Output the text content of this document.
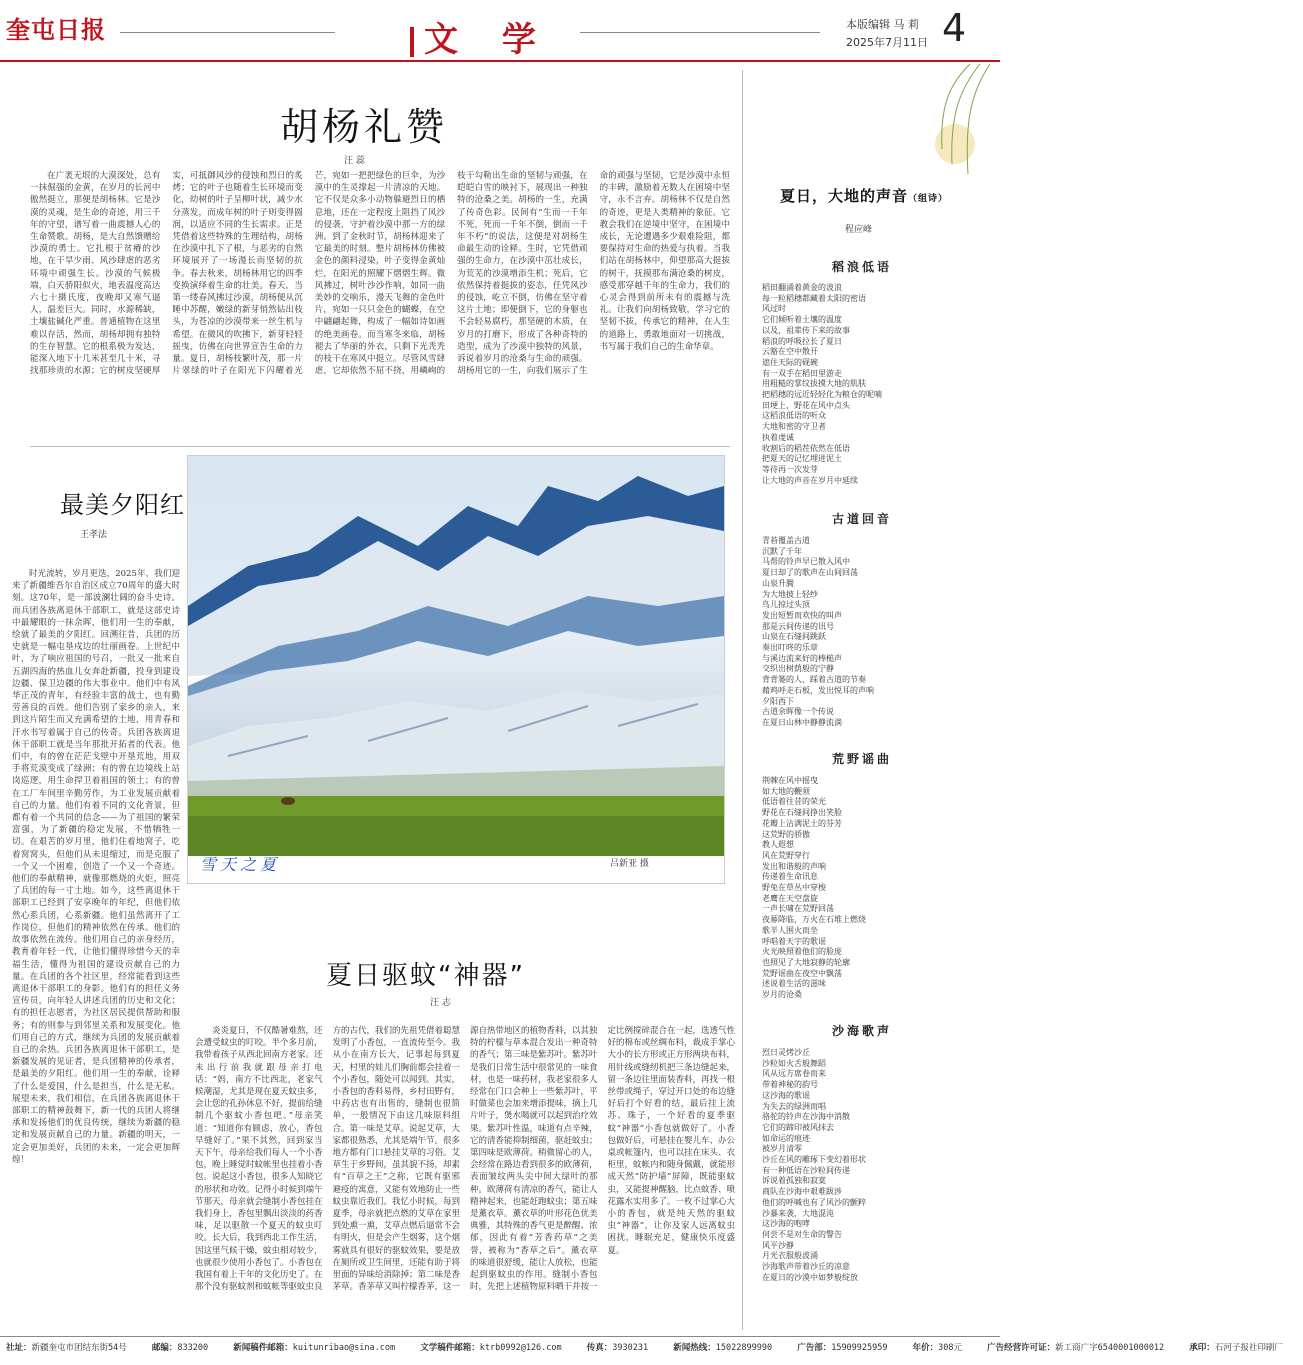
奎屯日报	文 学	本版编辑 马 莉
2025年7月11日 4
胡杨礼赞
汪 蕊

在广袤无垠的大漠深处，总有一抹倔强的金黄，在岁月的长河中傲然挺立，那便是胡杨林。它是沙漠的灵魂，是生命的奇迹，用三千年的守望，谱写着一曲震撼人心的生命赞歌。胡杨，是大自然馈赠给沙漠的勇士。它扎根于贫瘠的沙地，在干旱少雨、风沙肆虐的恶劣环境中顽强生长。沙漠的气候极端，白天骄阳似火，地表温度高达六七十摄氏度，夜晚却又寒气逼人，温差巨大。同时，水源稀缺，土壤盐碱化严重。普通植物在这里难以存活，然而，胡杨却拥有独特的生存智慧。它的根系极为发达，能深入地下十几米甚至几十米，寻找那珍贵的水源；它的树皮坚硬厚实，可抵御风沙的侵蚀和烈日的炙烤；它的叶子也随着生长环境而变化，幼树的叶子呈柳叶状，减少水分蒸发，而成年树的叶子则变得圆润，以适应不同的生长需求。正是凭借着这些特殊的生理结构，胡杨在沙漠中扎下了根，与恶劣的自然环境展开了一场漫长而坚韧的抗争。春去秋来，胡杨林用它的四季变换演绎着生命的壮美。春天，当第一缕春风拂过沙漠，胡杨便从沉睡中苏醒，嫩绿的新芽悄然钻出枝头，为苍凉的沙漠带来一丝生机与希望。在微风的吹拂下，新芽轻轻摇曳，仿佛在向世界宣告生命的力量。夏日，胡杨枝繁叶茂，那一片片翠绿的叶子在阳光下闪耀着光芒，宛如一把把绿色的巨伞，为沙漠中的生灵撑起一片清凉的天地。它不仅是众多小动物躲避烈日的栖息地，还在一定程度上阻挡了风沙的侵袭，守护着沙漠中那一方的绿洲。到了金秋时节，胡杨林迎来了它最美的时刻。整片胡杨林仿佛被金色的颜料浸染，叶子变得金黄灿烂，在阳光的照耀下熠熠生辉。微风拂过，树叶沙沙作响，如同一曲美妙的交响乐，漫天飞舞的金色叶片，宛如一只只金色的蝴蝶，在空中翩翩起舞，构成了一幅如诗如画的绝美画卷。而当寒冬来临，胡杨褪去了华丽的外衣，只剩下光秃秃的枝干在寒风中挺立。尽管风雪肆虐，它却依然不屈不挠，用嶙峋的枝干勾勒出生命的坚韧与顽强，在皑皑白雪的映衬下，展现出一种独特的沧桑之美。胡杨的一生，充满了传奇色彩。民间有“生而一千年不死，死而一千年不倒，倒而一千年不朽”的说法，这便是对胡杨生命最生动的诠释。生时，它凭借顽强的生命力，在沙漠中茁壮成长，为荒芜的沙漠增添生机；死后，它依然保持着挺拔的姿态，任凭风沙的侵蚀，屹立不倒，仿佛在坚守着这片土地；即便倒下，它的身躯也不会轻易腐朽，那坚硬的木质，在岁月的打磨下，形成了各种奇特的造型，成为了沙漠中独特的风景，诉说着岁月的沧桑与生命的顽强。胡杨用它的一生，向我们展示了生命的顽强与坚韧，它是沙漠中永恒的丰碑，激励着无数人在困境中坚守，永不言弃。胡杨林不仅是自然的奇迹，更是人类精神的象征。它教会我们在逆境中坚守，在困境中成长，无论遭遇多少艰难险阻，都要保持对生命的热爱与执着。当我们站在胡杨林中，仰望那高大挺拔的树干，抚摸那布满沧桑的树皮，感受那穿越千年的生命力，我们的心灵会得到前所未有的震撼与洗礼。让我们向胡杨致敬，学习它的坚韧不拔，传承它的精神，在人生的道路上，勇敢地面对一切挑战，书写属于我们自己的生命华章。

最美夕阳红
王孝法

时光流转，岁月更迭，2025年，我们迎来了新疆维吾尔自治区成立70周年的盛大时刻。这70年，是一部波澜壮阔的奋斗史诗。而兵团各族离退休干部职工，就是这部史诗中最耀眼的一抹余晖，他们用一生的奉献，绘就了最美的夕阳红。回溯往昔，兵团的历史就是一幅屯垦戍边的壮丽画卷。上世纪中叶，为了响应祖国的号召，一批又一批来自五湖四海的热血儿女奔赴新疆，投身到建设边疆、保卫边疆的伟大事业中。他们中有风华正茂的青年，有经验丰富的战士，也有勤劳善良的百姓。他们告别了家乡的亲人，来到这片陌生而又充满希望的土地，用青春和汗水书写着属于自己的传奇。兵团各族离退休干部职工就是当年那批开拓者的代表。他们中，有的曾在茫茫戈壁中开垦荒地，用双手将荒漠变成了绿洲；有的曾在边境线上站岗巡逻，用生命捍卫着祖国的领土；有的曾在工厂车间里辛勤劳作，为工业发展贡献着自己的力量。他们有着不同的文化背景，但都有着一个共同的信念——为了祖国的繁荣富强，为了新疆的稳定发展，不惜牺牲一切。在艰苦的岁月里，他们住着地窝子，吃着窝窝头，但他们从未退缩过，而是克服了一个又一个困难，创造了一个又一个奇迹。他们的奉献精神，就像那燃烧的火炬，照亮了兵团的每一寸土地。如今，这些离退休干部职工已经到了安享晚年的年纪，但他们依然心系兵团，心系新疆。他们虽然离开了工作岗位，但他们的精神依然在传承。他们的故事依然在流传。他们用自己的亲身经历，教育着年轻一代，让他们懂得珍惜今天的幸福生活，懂得为祖国的建设贡献自己的力量。在兵团的各个社区里，经常能看到这些离退休干部职工的身影。他们有的担任义务宣传员，向年轻人讲述兵团的历史和文化；有的担任志愿者，为社区居民提供帮助和服务；有的则参与到邻里关系和发展变化。他们用自己的方式，继续为兵团的发展贡献着自己的余热。兵团各族离退休干部职工，是新疆发展的见证者，是兵团精神的传承者，是最美的夕阳红。他们用一生的奉献，诠释了什么是爱国，什么是担当，什么是无私。展望未来，我们相信，在兵团各族离退休干部职工的精神鼓舞下，新一代的兵团人将继承和发扬他们的优良传统，继续为新疆的稳定和发展贡献自己的力量。新疆的明天，一定会更加美好，兵团的未来，一定会更加辉煌！

雪天之夏	吕新亚 摄
夏日驱蚊“神器”
汪 志

炎炎夏日，不仅酷暑难熬，还会遭受蚊虫的叮咬。半个多月前，我带着孩子从西北回南方老家。还未出行前我就跟母亲打电话：“妈，南方不比西北，老家气候潮湿，尤其是现在夏天蚊虫多，会让您的孔孙休息不好，提前给缝制几个驱蚊小香包吧。”母亲笑道：“知道你有顾虑，放心，香包早缝好了。”果不其然，回到家当天下午，母亲给我们每人一个小香包，晚上睡觉时蚊帐里也挂着小香包。说起这小香包，很多人知晓它的形状和功效。记得小时候到端午节那天，母亲就会缝制小香包挂在我们身上，香包里飘出淡淡的药香味，足以驱散一个夏天的蚊虫叮咬。长大后，我到西北工作生活，因这里气候干燥，蚊虫相对较少，也就很少使用小香包了。小香包在我国有着上千年的文化历史了。在那个没有驱蚊剂和蚊帐等驱蚊虫良方的古代，我们的先祖凭借着聪慧发明了小香包，一直流传至今。我从小在南方长大，记事起每到夏天，村里的娃儿们胸前都会挂着一个小香包，随处可以闻到。其实，小香包的香料易得，乡村田野有，中药店也有出售的，缝制也很简单，一般情况下由这几味原料组合。第一味是艾草。说起艾草，大家都很熟悉，尤其是端午节。很多地方都有门口悬挂艾草的习俗。艾草生于乡野间，虽其貌不扬，却素有“百草之王”之称，它既有驱邪避疫的寓意，又能有效地防止一些蚊虫靠近我们。我忆小时候，每到夏季，母亲就把点燃的艾草在家里到处熏一熏，艾草点燃后逼常不会有明火，但是会产生烟雾，这个烟雾就具有很好的驱蚊效果，要是放在厕所或卫生间里，还能有助于将里面的异味给消除掉；第二味是香茅草。香茅草又叫柠檬香茅，这一源自热带地区的植物香料，以其独特的柠檬与草本混合发出一种奇特的香气；第三味是紫苏叶。紫苏叶是我们日常生活中很常见的一味食材，也是一味药材，我老家很多人经常在门口会种上一些紫苏叶，平时做菜也会加来增添提味，摘上几片叶子，煲水喝就可以起到治疗效果。紫苏叶性温，味道有点辛辣，它的清香能抑制细菌，驱赶蚊虫；第四味是欧薄荷。稍微留心的人，会经常在路边看到很多的欧薄荷，表面皱纹两头尖中间大绿叶的那种。欧薄荷有清凉的香气，能让人精神起来，也能赶跑蚊虫；第五味是薰衣草。薰衣草的叶形花色优美典雅，其特殊的香气更是醉醒、浓郁，因此有着“芳香药草”之美誉，被称为“香草之后”。薰衣草的味道很舒缓，能让人放松，也能起到驱蚊虫的作用。缝制小香包时，先把上述植物原料晒干并按一定比例搅碎混合在一起，选透气性好的棉布或丝绸布料，裁成手掌心大小的长方形或正方形两块布料，用针线或缝纫机把三条边缝起来，留一条边往里面装香料，再找一根丝带或绳子，穿过开口处的布边缝好后打个好看的结，最后挂上流苏、珠子，一个好看的夏季驱蚊“神器”小香包就做好了。小香包做好后，可悬挂在婴儿车、办公桌或帐篷内，也可以挂在床头、衣柜里，蚊帐内和随身佩戴，就能形成天然“防护墙”屏障，既能驱蚊虫，又能提神醒脑，比点蚊香、喷花露水实用多了。一枚不过掌心大小的香包，就是纯天然的驱蚊虫“神器”，让你及家人远离蚊虫困扰，睡眠充足，健康快乐度盛夏。

夏日，大地的声音（组诗）
程应峰
稻浪低语
稻田翻涌着黄金的波浪
每一粒稻穗都藏着太阳的密语
风过时
它们倾听着土壤的温度
以及，祖辈传下来的故事
稻浪的呼吸拉长了夏日
云豁在空中散开
遮住天际的砚碗
有一双手在稻田里游走
用粗糙的掌纹拔摸大地的肌肤
把稻穗的远近轻轻化为粮仓的呢喃
田埂上，野花在风中点头
这稻浪低语的听众
大地和密的守卫者
执着虔诚
收割后的稻茬依然在低语
把夏天的记忆埋进泥土
等待再一次发芽
让大地的声音在岁月中延续
古道回音
青苔覆盖古道
沉默了千年
马帮的铃声早已散入风中
夏日却了的歌声在山间回荡
山泉升腾
为大地披上轻纱
鸟儿掠过头顶
发出短暂而欢快的叫声
那是云间传递的讯号
山泉在石缝间跳跃
奏出叮咚的乐章
与溪边流来好的棒槌声
交织出树荫般的宁静
背背篓的人，踩着古道的节奏
藉鸡呼走石板，发出悦耳的声响
夕阳西下
古道余晖像一个传说
在夏日山林中静静流淌
荒野谣曲
荆棘在风中摇曳
如大地的鞭须
低语着往昔的荣光
野花在石缝间挣出笑脸
花瓣上沾满泥土的芬芳
这荒野的骄傲
教人遐想
风在荒野穿行
发出和谐般的声响
传递着生命讯息
野兔在草丛中穿梭
老鹰在天空盘旋
一声长啸在荒野回荡
夜幕降临，万火在石堆上燃烧
歌半人围火而坐
呼唱着天宇的歌谣
火光映照着他们的脸庞
也照见了大地寂静的轮廓
荒野谣曲在夜空中飘荡
述说着生活的滋味
岁月的沧桑
沙海歌声
烈日灵烤沙丘
沙粒如火舌般舞蹈
风从远方席卷而来
带着神秘的韵号
这沙海的歌谣
为失去的绿洲而唱
骆驼的铃声在沙海中消散
它们的蹄印被风抹去
如命运的痕迹
被岁月清零
沙丘在风的雕琢下变幻着形状
有一种低语在沙粒间传递
诉说着孤独和寂寞
商队在沙海中艰难跋涉
他们的呼喊也有了风沙的颤粹
沙暴来袭，大地混沌
这沙海的咆哮
何尝不是对生命的警告
风平沙静
月光衣服般波涌
沙海歌声带着沙丘的凉意
在夏日的沙漠中如梦般绽放
社址：新疆奎屯市团结东街54号	邮编：833200	新闻稿件邮箱：kuitunribao@sina.com	文学稿件邮箱：ktrb0992@126.com	传真：3930231	新闻热线：15022899990	广告部：15909925959	年价：308元	广告经营许可证：新工商广字6540001000012	承印：石河子报社印刷厂
